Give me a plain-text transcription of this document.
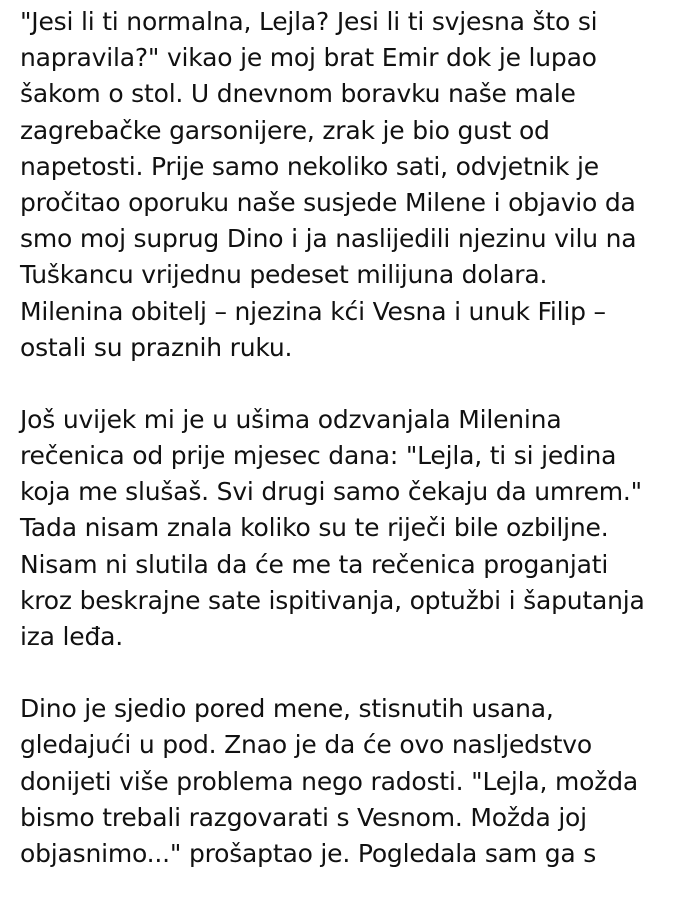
"Jesi li ti normalna, Lejla? Jesi li ti svjesna što si
napravila?" vikao je moj brat Emir dok je lupao
šakom o stol. U dnevnom boravku naše male
zagrebačke garsonijere, zrak je bio gust od
napetosti. Prije samo nekoliko sati, odvjetnik je
pročitao oporuku naše susjede Milene i objavio da
smo moj suprug Dino i ja naslijedili njezinu vilu na
Tuškancu vrijednu pedeset milijuna dolara.
Milenina obitelj – njezina kći Vesna i unuk Filip –
ostali su praznih ruku.

Još uvijek mi je u ušima odzvanjala Milenina
rečenica od prije mjesec dana: "Lejla, ti si jedina
koja me slušaš. Svi drugi samo čekaju da umrem."
Tada nisam znala koliko su te riječi bile ozbiljne.
Nisam ni slutila da će me ta rečenica proganjati
kroz beskrajne sate ispitivanja, optužbi i šaputanja
iza leđa.

Dino je sjedio pored mene, stisnutih usana,
gledajući u pod. Znao je da će ovo nasljedstvo
donijeti više problema nego radosti. "Lejla, možda
bismo trebali razgovarati s Vesnom. Možda joj
objasnimo..." prošaptao je. Pogledala sam ga s
